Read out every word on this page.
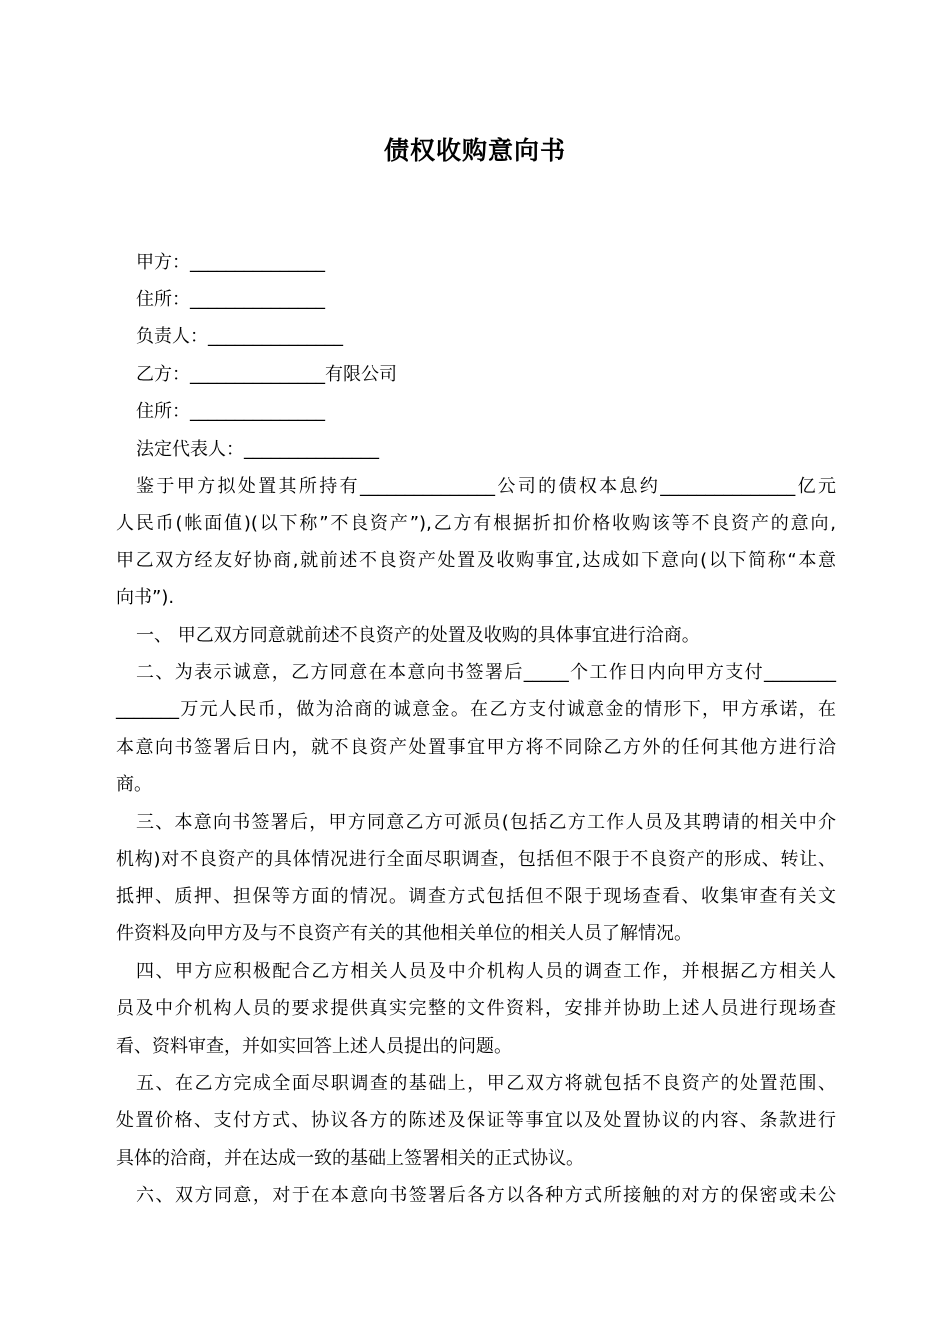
债权收购意向书
甲方：_______________
住所：_______________
负责人：_______________
乙方：_______________有限公司
住所：_______________
法定代表人：_______________
鉴于甲方拟处置其所持有_______________公司的债权本息约_______________亿元
人民币(帐面值)(以下称”不良资产”),乙方有根据折扣价格收购该等不良资产的意向,
甲乙双方经友好协商,就前述不良资产处置及收购事宜,达成如下意向(以下简称“本意
向书”).
一、 甲乙双方同意就前述不良资产的处置及收购的具体事宜进行洽商。
二、为表示诚意，乙方同意在本意向书签署后_____个工作日内向甲方支付________
_______万元人民币，做为洽商的诚意金。在乙方支付诚意金的情形下，甲方承诺，在
本意向书签署后日内，就不良资产处置事宜甲方将不同除乙方外的任何其他方进行洽
商。
三、本意向书签署后，甲方同意乙方可派员(包括乙方工作人员及其聘请的相关中介
机构)对不良资产的具体情况进行全面尽职调查，包括但不限于不良资产的形成、转让、
抵押、质押、担保等方面的情况。调查方式包括但不限于现场查看、收集审查有关文
件资料及向甲方及与不良资产有关的其他相关单位的相关人员了解情况。
四、甲方应积极配合乙方相关人员及中介机构人员的调查工作，并根据乙方相关人
员及中介机构人员的要求提供真实完整的文件资料，安排并协助上述人员进行现场查
看、资料审查，并如实回答上述人员提出的问题。
五、在乙方完成全面尽职调查的基础上，甲乙双方将就包括不良资产的处置范围、
处置价格、支付方式、协议各方的陈述及保证等事宜以及处置协议的内容、条款进行
具体的洽商，并在达成一致的基础上签署相关的正式协议。
六、双方同意，对于在本意向书签署后各方以各种方式所接触的对方的保密或未公
